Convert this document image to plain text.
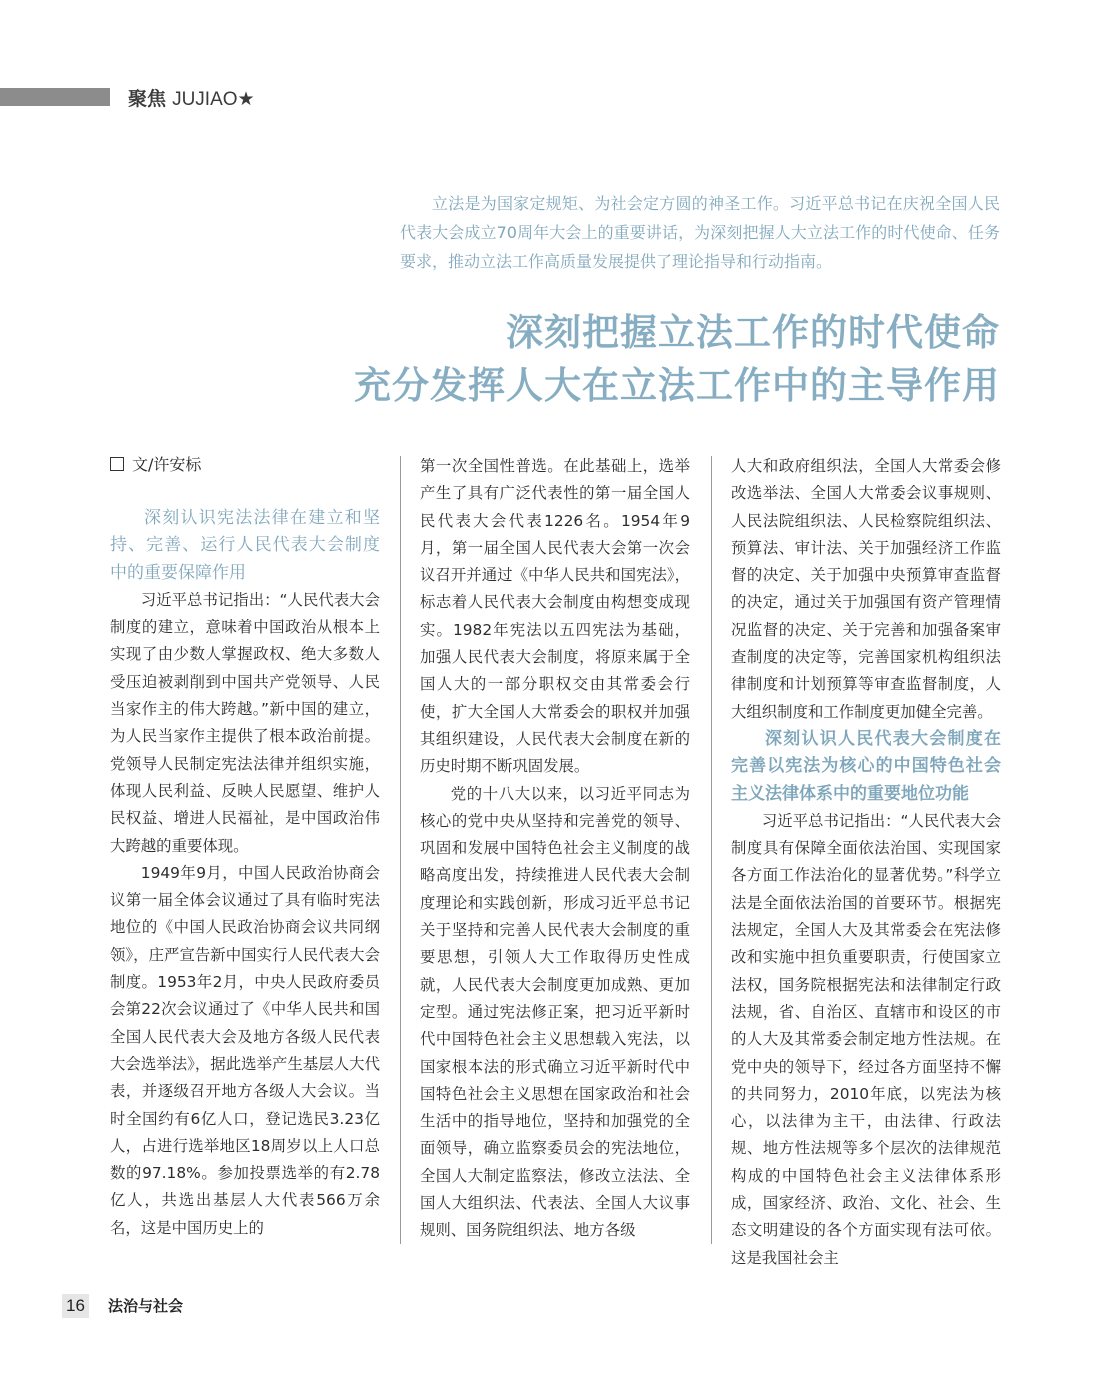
聚焦 JUJIAO★

立法是为国家定规矩、为社会定方圆的神圣工作。习近平总书记在庆祝全国人民代表大会成立70周年大会上的重要讲话，为深刻把握人大立法工作的时代使命、任务要求，推动立法工作高质量发展提供了理论指导和行动指南。

深刻把握立法工作的时代使命
充分发挥人大在立法工作中的主导作用
文/许安标
深刻认识宪法法律在建立和坚持、完善、运行人民代表大会制度中的重要保障作用

习近平总书记指出：“人民代表大会制度的建立，意味着中国政治从根本上实现了由少数人掌握政权、绝大多数人受压迫被剥削到中国共产党领导、人民当家作主的伟大跨越。”新中国的建立，为人民当家作主提供了根本政治前提。党领导人民制定宪法法律并组织实施，体现人民利益、反映人民愿望、维护人民权益、增进人民福祉，是中国政治伟大跨越的重要体现。

1949年9月，中国人民政治协商会议第一届全体会议通过了具有临时宪法地位的《中国人民政治协商会议共同纲领》，庄严宣告新中国实行人民代表大会制度。1953年2月，中央人民政府委员会第22次会议通过了《中华人民共和国全国人民代表大会及地方各级人民代表大会选举法》，据此选举产生基层人大代表，并逐级召开地方各级人大会议。当时全国约有6亿人口，登记选民3.23亿人，占进行选举地区18周岁以上人口总数的97.18%。参加投票选举的有2.78亿人，共选出基层人大代表566万余名，这是中国历史上的

第一次全国性普选。在此基础上，选举产生了具有广泛代表性的第一届全国人民代表大会代表1226名。1954年9月，第一届全国人民代表大会第一次会议召开并通过《中华人民共和国宪法》，标志着人民代表大会制度由构想变成现实。1982年宪法以五四宪法为基础，加强人民代表大会制度，将原来属于全国人大的一部分职权交由其常委会行使，扩大全国人大常委会的职权并加强其组织建设，人民代表大会制度在新的历史时期不断巩固发展。

党的十八大以来，以习近平同志为核心的党中央从坚持和完善党的领导、巩固和发展中国特色社会主义制度的战略高度出发，持续推进人民代表大会制度理论和实践创新，形成习近平总书记关于坚持和完善人民代表大会制度的重要思想，引领人大工作取得历史性成就，人民代表大会制度更加成熟、更加定型。通过宪法修正案，把习近平新时代中国特色社会主义思想载入宪法，以国家根本法的形式确立习近平新时代中国特色社会主义思想在国家政治和社会生活中的指导地位，坚持和加强党的全面领导，确立监察委员会的宪法地位，全国人大制定监察法，修改立法法、全国人大组织法、代表法、全国人大议事规则、国务院组织法、地方各级

人大和政府组织法，全国人大常委会修改选举法、全国人大常委会议事规则、人民法院组织法、人民检察院组织法、预算法、审计法、关于加强经济工作监督的决定、关于加强中央预算审查监督的决定，通过关于加强国有资产管理情况监督的决定、关于完善和加强备案审查制度的决定等，完善国家机构组织法律制度和计划预算等审查监督制度，人大组织制度和工作制度更加健全完善。

深刻认识人民代表大会制度在完善以宪法为核心的中国特色社会主义法律体系中的重要地位功能

习近平总书记指出：“人民代表大会制度具有保障全面依法治国、实现国家各方面工作法治化的显著优势。”科学立法是全面依法治国的首要环节。根据宪法规定，全国人大及其常委会在宪法修改和实施中担负重要职责，行使国家立法权，国务院根据宪法和法律制定行政法规，省、自治区、直辖市和设区的市的人大及其常委会制定地方性法规。在党中央的领导下，经过各方面坚持不懈的共同努力，2010年底，以宪法为核心，以法律为主干，由法律、行政法规、地方性法规等多个层次的法律规范构成的中国特色社会主义法律体系形成，国家经济、政治、文化、社会、生态文明建设的各个方面实现有法可依。这是我国社会主

16 法治与社会
